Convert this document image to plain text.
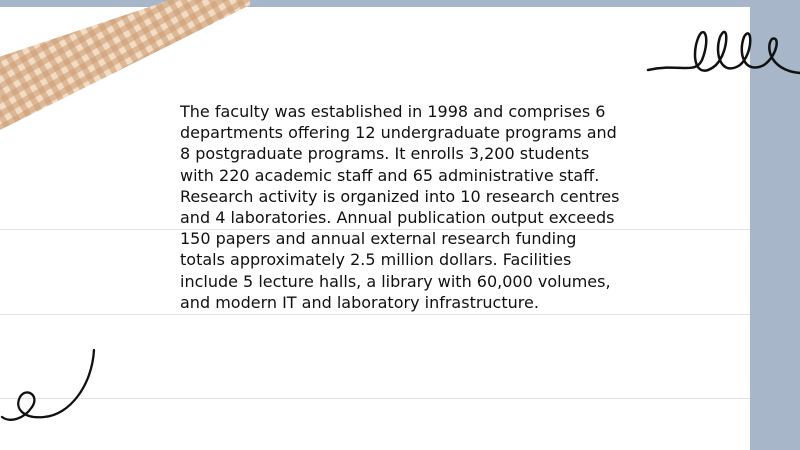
The faculty was established in 1998 and comprises 6 departments offering 12 undergraduate programs and 8 postgraduate programs. It enrolls 3,200 students with 220 academic staff and 65 administrative staff. Research activity is organized into 10 research centres and 4 laboratories. Annual publication output exceeds 150 papers and annual external research funding totals approximately 2.5 million dollars. Facilities include 5 lecture halls, a library with 60,000 volumes, and modern IT and laboratory infrastructure.
